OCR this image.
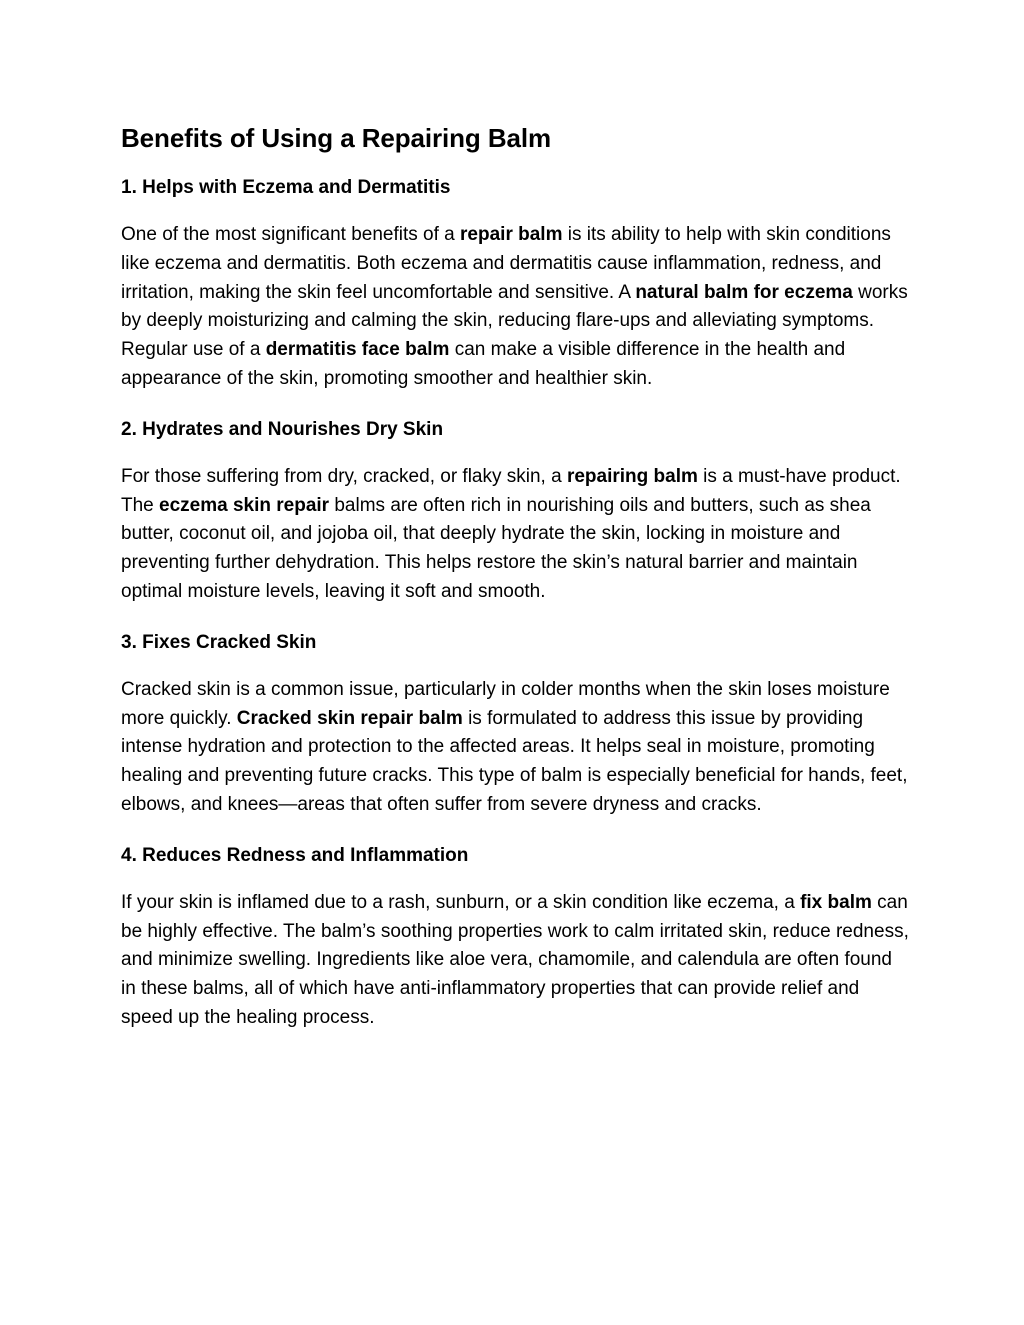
Benefits of Using a Repairing Balm
1. Helps with Eczema and Dermatitis

One of the most significant benefits of a repair balm is its ability to help with skin conditions like eczema and dermatitis. Both eczema and dermatitis cause inflammation, redness, and irritation, making the skin feel uncomfortable and sensitive. A natural balm for eczema works by deeply moisturizing and calming the skin, reducing flare-ups and alleviating symptoms. Regular use of a dermatitis face balm can make a visible difference in the health and appearance of the skin, promoting smoother and healthier skin.

2. Hydrates and Nourishes Dry Skin

For those suffering from dry, cracked, or flaky skin, a repairing balm is a must-have product. The eczema skin repair balms are often rich in nourishing oils and butters, such as shea butter, coconut oil, and jojoba oil, that deeply hydrate the skin, locking in moisture and preventing further dehydration. This helps restore the skin’s natural barrier and maintain optimal moisture levels, leaving it soft and smooth.

3. Fixes Cracked Skin

Cracked skin is a common issue, particularly in colder months when the skin loses moisture more quickly. Cracked skin repair balm is formulated to address this issue by providing intense hydration and protection to the affected areas. It helps seal in moisture, promoting healing and preventing future cracks. This type of balm is especially beneficial for hands, feet, elbows, and knees—areas that often suffer from severe dryness and cracks.

4. Reduces Redness and Inflammation

If your skin is inflamed due to a rash, sunburn, or a skin condition like eczema, a fix balm can be highly effective. The balm’s soothing properties work to calm irritated skin, reduce redness, and minimize swelling. Ingredients like aloe vera, chamomile, and calendula are often found in these balms, all of which have anti-inflammatory properties that can provide relief and speed up the healing process.
